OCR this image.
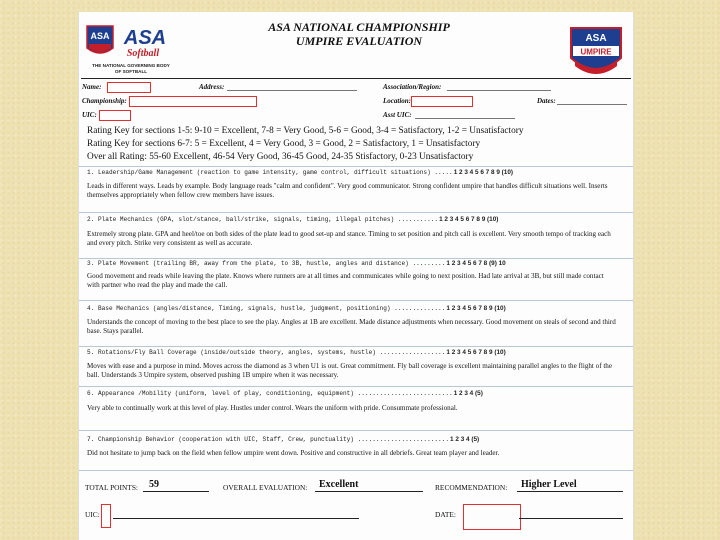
ASA ASA
Softball
THE NATIONAL GOVERNING BODY
OF SOFTBALL
ASA NATIONAL CHAMPIONSHIP
UMPIRE EVALUATION	ASA
UMPIRE
Name:	Address:	Association/Region:
Championship:	Location:	Dates:
UIC:	Asst UIC:
Rating Key for sections 1-5: 9-10 = Excellent, 7-8 = Very Good, 5-6 = Good, 3-4 = Satisfactory, 1-2 = Unsatisfactory
Rating Key for sections 6-7: 5 = Excellent, 4 = Very Good, 3 = Good, 2 = Satisfactory, 1 = Unsatisfactory
Over all Rating: 55-60 Excellent, 46-54 Very Good, 36-45 Good, 24-35 Stisfactory, 0-23 Unsatisfactory
1. Leadership/Game Management (reaction to game intensity, game control, difficult situations) .....1 2 3 4 5 6 7 8 9 (10)
Leads in different ways. Leads by example. Body language reads "calm and confident". Very good communicator. Strong confident umpire that handles difficult situations well. Inserts themselves appropriately when fellow crew members have issues.
2. Plate Mechanics (GPA, slot/stance, ball/strike, signals, timing, illegal pitches) ...........1 2 3 4 5 6 7 8 9 (10)
Extremely strong plate. GPA and heel/toe on both sides of the plate lead to good set-up and stance. Timing to set position and pitch call is excellent. Very smooth tempo of tracking each and every pitch. Strike very consistent as well as accurate.
3. Plate Movement (trailing BR, away from the plate, to 3B, hustle, angles and distance) .........1 2 3 4 5 6 7 8 (9) 10
Good movement and reads while leaving the plate. Knows where runners are at all times and communicates while going to next position. Had late arrival at 3B, but still made contact with partner who read the play and made the call.
4. Base Mechanics (angles/distance, Timing, signals, hustle, judgment, positioning) ..............1 2 3 4 5 6 7 8 9 (10)
Understands the concept of moving to the best place to see the play. Angles at 1B are excellent. Made distance adjustments when necessary. Good movement on steals of second and third base. Stays parallel.
5. Rotations/Fly Ball Coverage (inside/outside theory, angles, systems, hustle) ..................1 2 3 4 5 6 7 8 9 (10)
Moves with ease and a purpose in mind. Moves across the diamond as 3 when U1 is out. Great commitment. Fly ball coverage is excellent maintaining parallel angles to the flight of the ball. Understands 3 Umpire system, observed pushing 1B umpire when it was necessary.
6. Appearance /Mobility (uniform, level of play, conditioning, equipment) ..........................1 2 3 4 (5)
Very able to continually work at this level of play. Hustles under control. Wears the uniform with pride. Consummate professional.
7. Championship Behavior (cooperation with UIC, Staff, Crew, punctuality) .........................1 2 3 4 (5)
Did not hesitate to jump back on the field when fellow umpire went down. Positive and constructive in all debriefs. Great team player and leader.
TOTAL POINTS: 59	OVERALL EVALUATION: Excellent	RECOMMENDATION: Higher Level
UIC:	DATE:
